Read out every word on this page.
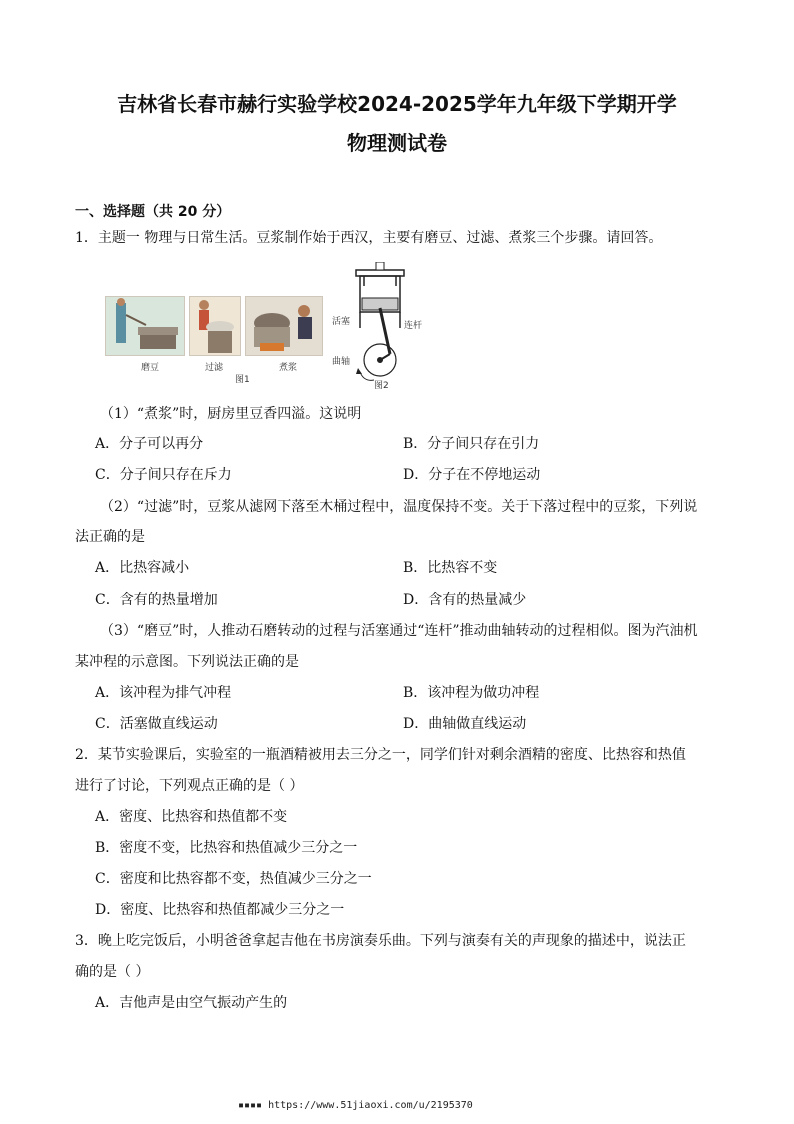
吉林省长春市赫行实验学校2024-2025学年九年级下学期开学
物理测试卷
一、选择题（共 20 分）
1．主题一 物理与日常生活。豆浆制作始于西汉，主要有磨豆、过滤、煮浆三个步骤。请回答。
磨豆	过滤	煮浆
图1
活塞	连杆
曲轴
图2
（1）“煮浆”时，厨房里豆香四溢。这说明
A．分子可以再分	B．分子间只存在引力
C．分子间只存在斥力	D．分子在不停地运动
（2）“过滤”时，豆浆从滤网下落至木桶过程中，温度保持不变。关于下落过程中的豆浆，下列说
法正确的是
A．比热容减小	B．比热容不变
C．含有的热量增加	D．含有的热量减少
（3）“磨豆”时，人推动石磨转动的过程与活塞通过“连杆”推动曲轴转动的过程相似。图为汽油机
某冲程的示意图。下列说法正确的是
A．该冲程为排气冲程	B．该冲程为做功冲程
C．活塞做直线运动	D．曲轴做直线运动
2．某节实验课后，实验室的一瓶酒精被用去三分之一，同学们针对剩余酒精的密度、比热容和热值
进行了讨论，下列观点正确的是（ ）
A．密度、比热容和热值都不变
B．密度不变，比热容和热值减少三分之一
C．密度和比热容都不变，热值减少三分之一
D．密度、比热容和热值都减少三分之一
3．晚上吃完饭后，小明爸爸拿起吉他在书房演奏乐曲。下列与演奏有关的声现象的描述中，说法正
确的是（ ）
A．吉他声是由空气振动产生的
▪▪▪▪ https://www.51jiaoxi.com/u/2195370
